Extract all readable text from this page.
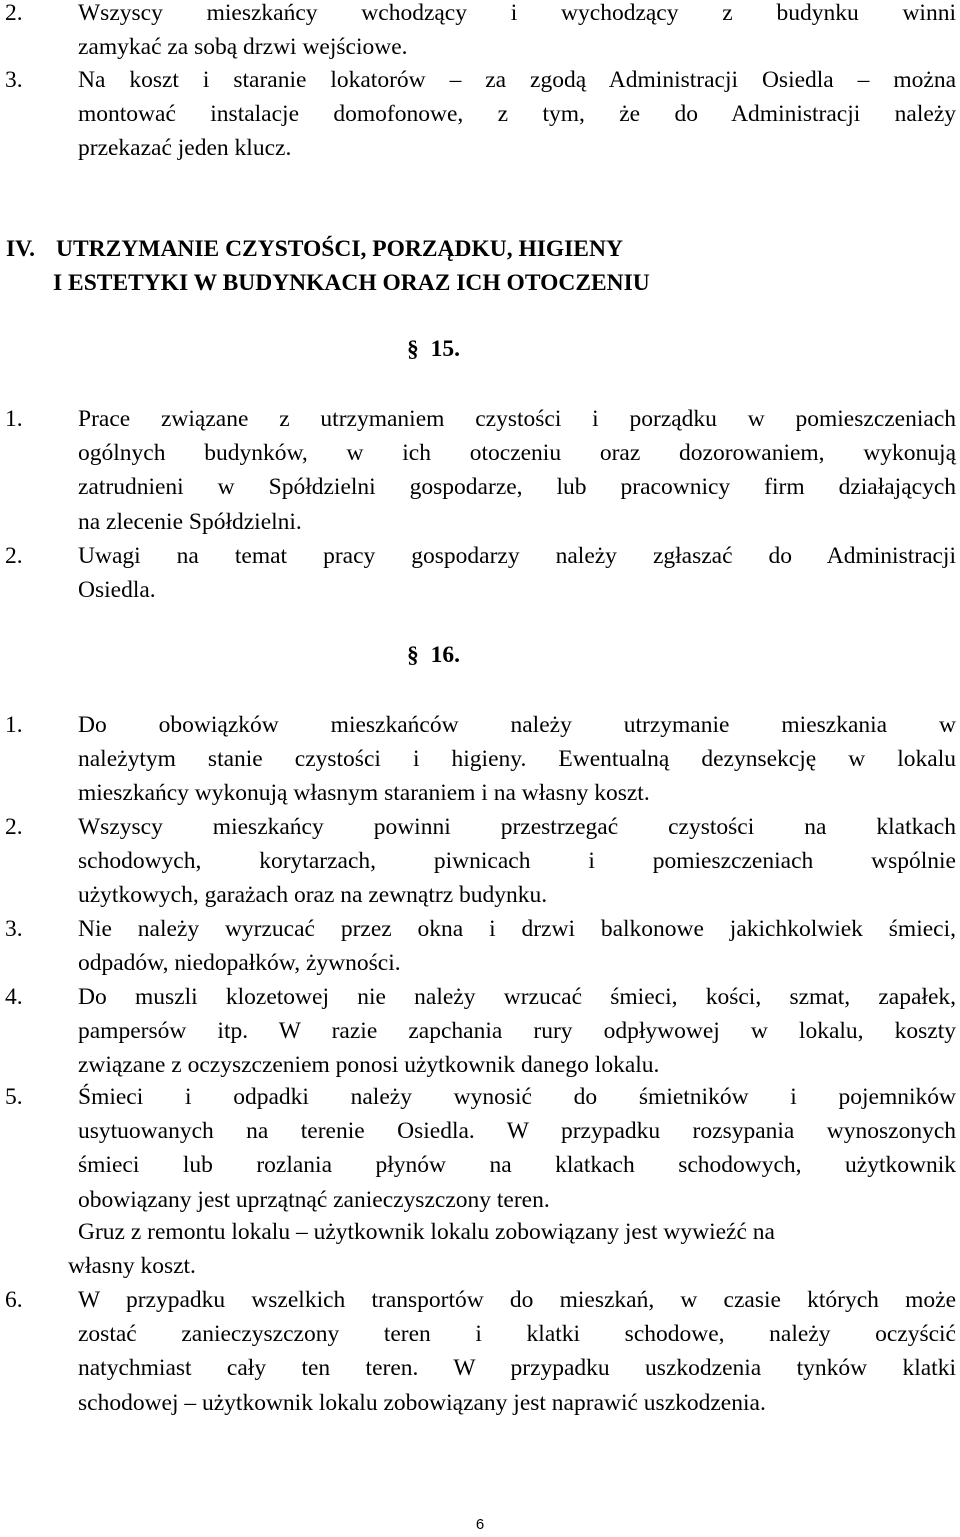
2. Wszyscy mieszkańcy wchodzący i wychodzący z budynku winni
zamykać za sobą drzwi wejściowe.
3. Na koszt i staranie lokatorów – za zgodą Administracji Osiedla – można
montować instalacje domofonowe, z tym, że do Administracji należy
przekazać jeden klucz.
IV. UTRZYMANIE CZYSTOŚCI, PORZĄDKU, HIGIENY
I ESTETYKI W BUDYNKACH ORAZ ICH OTOCZENIU
§ 15.
1. Prace związane z utrzymaniem czystości i porządku w pomieszczeniach
ogólnych budynków, w ich otoczeniu oraz dozorowaniem, wykonują
zatrudnieni w Spółdzielni gospodarze, lub pracownicy firm działających
na zlecenie Spółdzielni.
2. Uwagi na temat pracy gospodarzy należy zgłaszać do Administracji
Osiedla.
§ 16.
1. Do obowiązków mieszkańców należy utrzymanie mieszkania w
należytym stanie czystości i higieny. Ewentualną dezynsekcję w lokalu
mieszkańcy wykonują własnym staraniem i na własny koszt.
2. Wszyscy mieszkańcy powinni przestrzegać czystości na klatkach
schodowych, korytarzach, piwnicach i pomieszczeniach wspólnie
użytkowych, garażach oraz na zewnątrz budynku.
3. Nie należy wyrzucać przez okna i drzwi balkonowe jakichkolwiek śmieci,
odpadów, niedopałków, żywności.
4. Do muszli klozetowej nie należy wrzucać śmieci, kości, szmat, zapałek,
pampersów itp. W razie zapchania rury odpływowej w lokalu, koszty
związane z oczyszczeniem ponosi użytkownik danego lokalu.
5. Śmieci i odpadki należy wynosić do śmietników i pojemników
usytuowanych na terenie Osiedla. W przypadku rozsypania wynoszonych
śmieci lub rozlania płynów na klatkach schodowych, użytkownik
obowiązany jest uprzątnąć zanieczyszczony teren.
Gruz z remontu lokalu – użytkownik lokalu zobowiązany jest wywieźć na
własny koszt.
6. W przypadku wszelkich transportów do mieszkań, w czasie których może
zostać zanieczyszczony teren i klatki schodowe, należy oczyścić
natychmiast cały ten teren. W przypadku uszkodzenia tynków klatki
schodowej – użytkownik lokalu zobowiązany jest naprawić uszkodzenia.
6
